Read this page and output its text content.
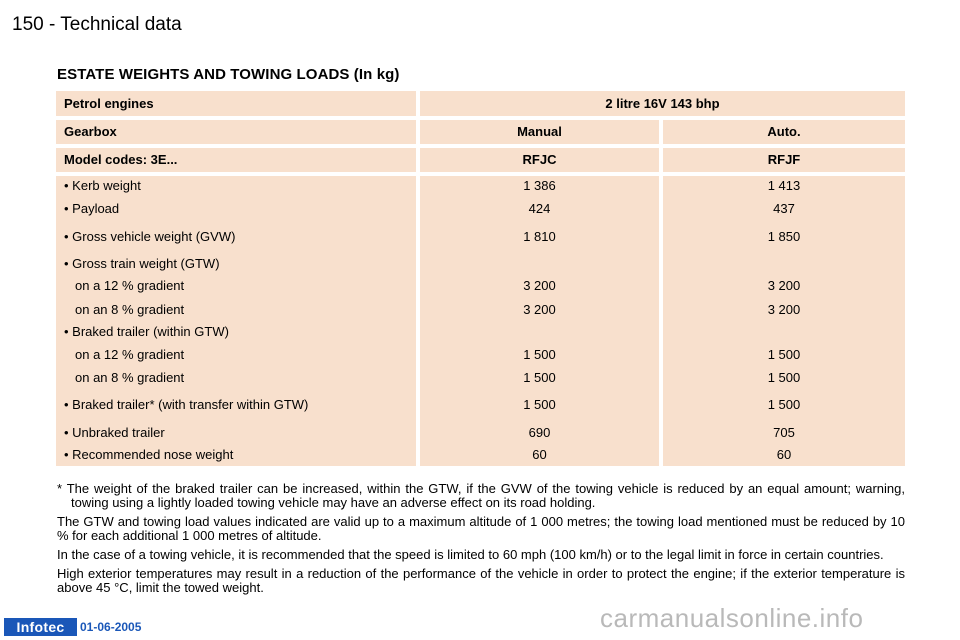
150 - Technical data
ESTATE WEIGHTS AND TOWING LOADS (In kg)
Petrol engines	2 litre 16V 143 bhp
Gearbox	Manual	Auto.
Model codes: 3E...	RFJC	RFJF
• Kerb weight	1 386	1 413
• Payload	424	437
• Gross vehicle weight (GVW)	1 810	1 850
• Gross train weight (GTW)
on a 12 % gradient	3 200	3 200
on an 8 % gradient	3 200	3 200
• Braked trailer (within GTW)
on a 12 % gradient	1 500	1 500
on an 8 % gradient	1 500	1 500
• Braked trailer* (with transfer within GTW)	1 500	1 500
• Unbraked trailer	690	705
• Recommended nose weight	60	60

* The weight of the braked trailer can be increased, within the GTW, if the GVW of the towing vehicle is reduced by an equal amount; warning, towing using a lightly loaded towing vehicle may have an adverse effect on its road holding.

The GTW and towing load values indicated are valid up to a maximum altitude of 1 000 metres; the towing load mentioned must be reduced by 10 % for each additional 1 000 metres of altitude.

In the case of a towing vehicle, it is recommended that the speed is limited to 60 mph (100 km/h) or to the legal limit in force in certain countries.

High exterior temperatures may result in a reduction of the performance of the vehicle in order to protect the engine; if the exterior temperature is above 45 °C, limit the towed weight.

Infotec	01-06-2005	carmanualsonline.info
